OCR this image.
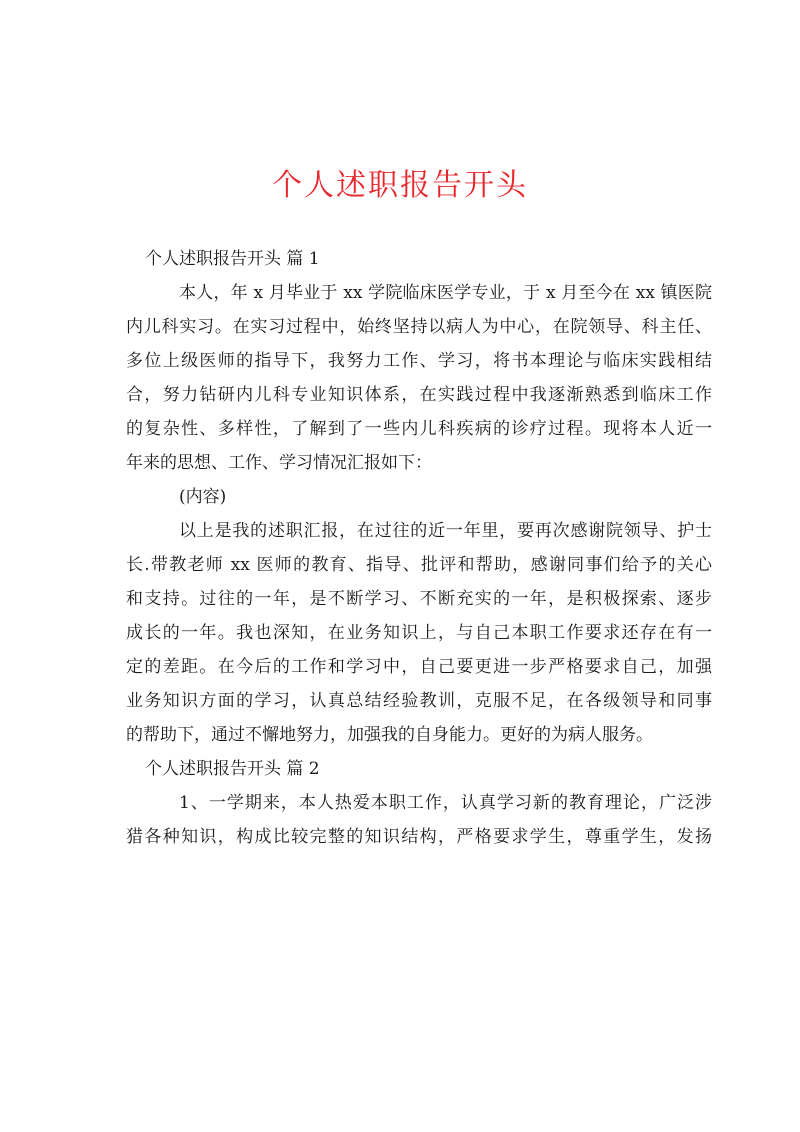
个人述职报告开头
个人述职报告开头 篇 1
本人，年 x 月毕业于 xx 学院临床医学专业，于 x 月至今在 xx 镇医院
内儿科实习。在实习过程中，始终坚持以病人为中心，在院领导、科主任、
多位上级医师的指导下，我努力工作、学习，将书本理论与临床实践相结
合，努力钻研内儿科专业知识体系，在实践过程中我逐渐熟悉到临床工作
的复杂性、多样性，了解到了一些内儿科疾病的诊疗过程。现将本人近一
年来的思想、工作、学习情况汇报如下：
(内容)
以上是我的述职汇报，在过往的近一年里，要再次感谢院领导、护士
长.带教老师 xx 医师的教育、指导、批评和帮助，感谢同事们给予的关心
和支持。过往的一年，是不断学习、不断充实的一年，是积极探索、逐步
成长的一年。我也深知，在业务知识上，与自己本职工作要求还存在有一
定的差距。在今后的工作和学习中，自己要更进一步严格要求自己，加强
业务知识方面的学习，认真总结经验教训，克服不足，在各级领导和同事
的帮助下，通过不懈地努力，加强我的自身能力。更好的为病人服务。
个人述职报告开头 篇 2
1、一学期来，本人热爱本职工作，认真学习新的教育理论，广泛涉
猎各种知识，构成比较完整的知识结构，严格要求学生，尊重学生，发扬
